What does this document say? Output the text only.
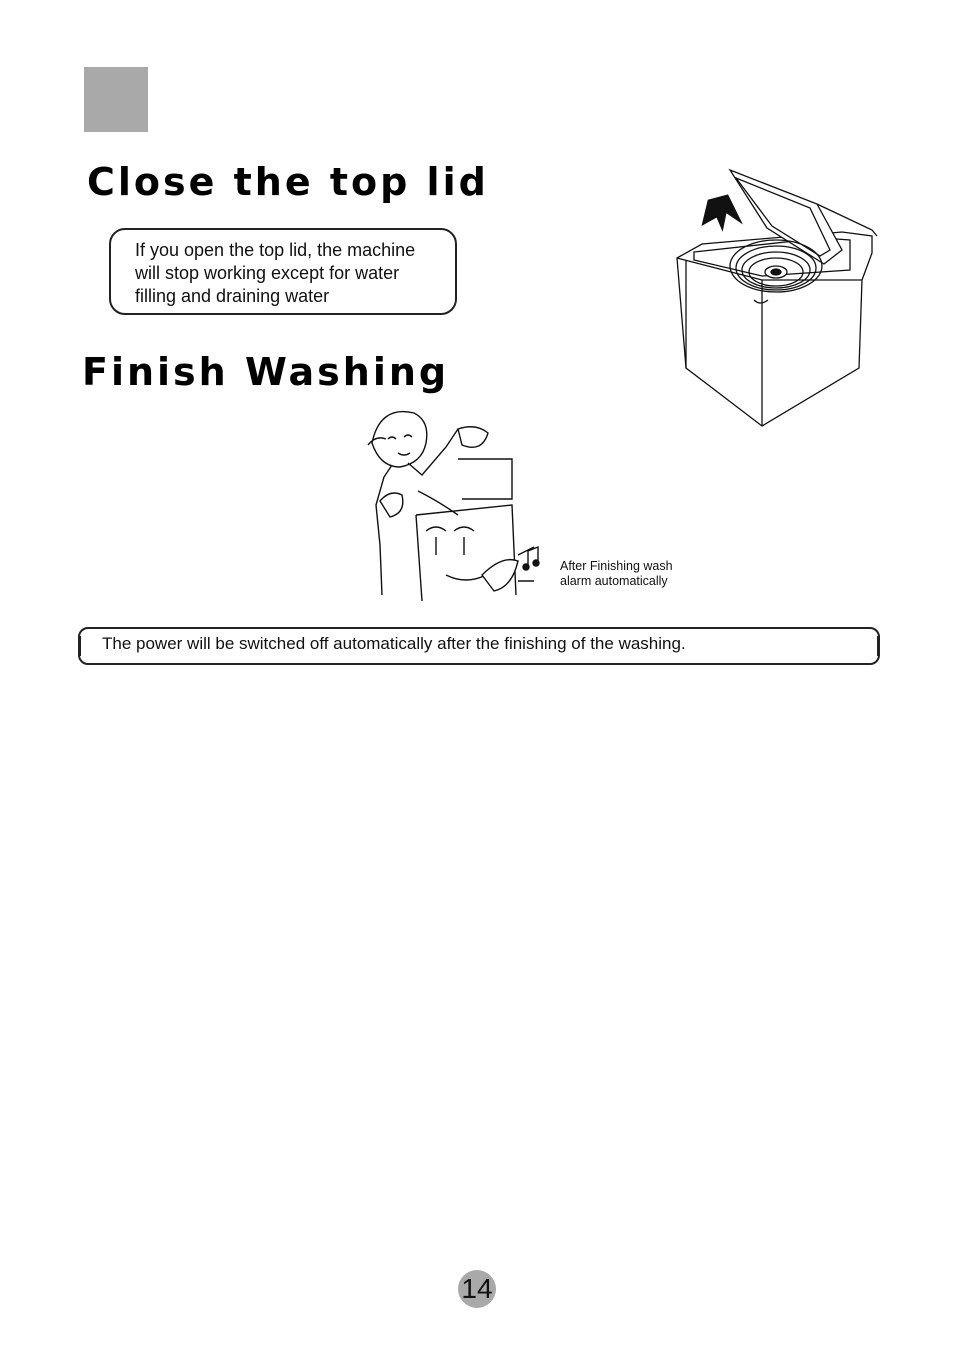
Close the top lid
If you open the top lid, the machine
will stop working except for water
filling and draining water
Finish Washing
After Finishing wash
alarm automatically
The power will be switched off automatically after the finishing of the washing.
14
